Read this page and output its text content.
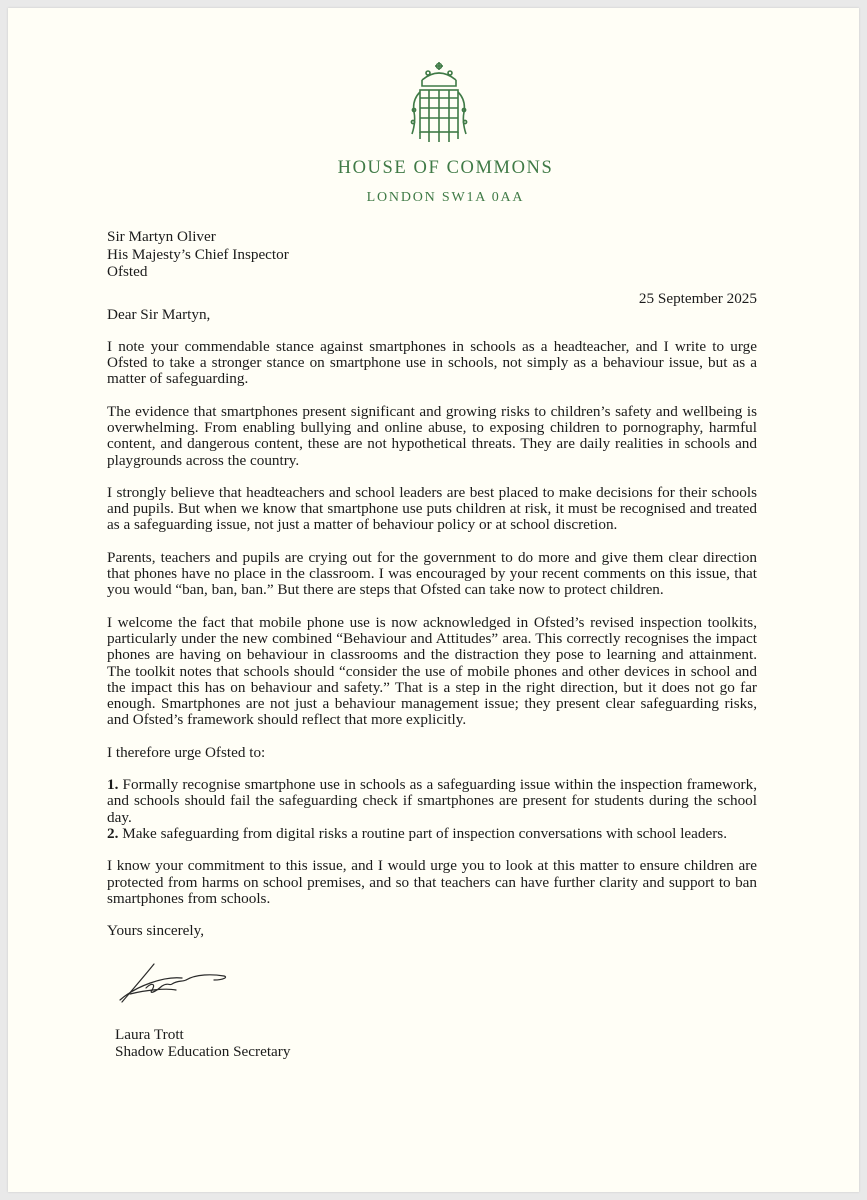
HOUSE OF COMMONS
LONDON SW1A 0AA
Sir Martyn Oliver
His Majesty’s Chief Inspector
Ofsted
25 September 2025

Dear Sir Martyn,

I note your commendable stance against smartphones in schools as a headteacher, and I write to urge Ofsted to take a stronger stance on smartphone use in schools, not simply as a behaviour issue, but as a matter of safeguarding.

The evidence that smartphones present significant and growing risks to children’s safety and wellbeing is overwhelming. From enabling bullying and online abuse, to exposing children to pornography, harmful content, and dangerous content, these are not hypothetical threats. They are daily realities in schools and playgrounds across the country.

I strongly believe that headteachers and school leaders are best placed to make decisions for their schools and pupils. But when we know that smartphone use puts children at risk, it must be recognised and treated as a safeguarding issue, not just a matter of behaviour policy or at school discretion.

Parents, teachers and pupils are crying out for the government to do more and give them clear direction that phones have no place in the classroom. I was encouraged by your recent comments on this issue, that you would “ban, ban, ban.” But there are steps that Ofsted can take now to protect children.

I welcome the fact that mobile phone use is now acknowledged in Ofsted’s revised inspection toolkits, particularly under the new combined “Behaviour and Attitudes” area. This correctly recognises the impact phones are having on behaviour in classrooms and the distraction they pose to learning and attainment. The toolkit notes that schools should “consider the use of mobile phones and other devices in school and the impact this has on behaviour and safety.” That is a step in the right direction, but it does not go far enough. Smartphones are not just a behaviour management issue; they present clear safeguarding risks, and Ofsted’s framework should reflect that more explicitly.

I therefore urge Ofsted to:

1. Formally recognise smartphone use in schools as a safeguarding issue within the inspection framework, and schools should fail the safeguarding check if smartphones are present for students during the school day.

2. Make safeguarding from digital risks a routine part of inspection conversations with school leaders.

I know your commitment to this issue, and I would urge you to look at this matter to ensure children are protected from harms on school premises, and so that teachers can have further clarity and support to ban smartphones from schools.

Yours sincerely,

Laura Trott
Shadow Education Secretary
